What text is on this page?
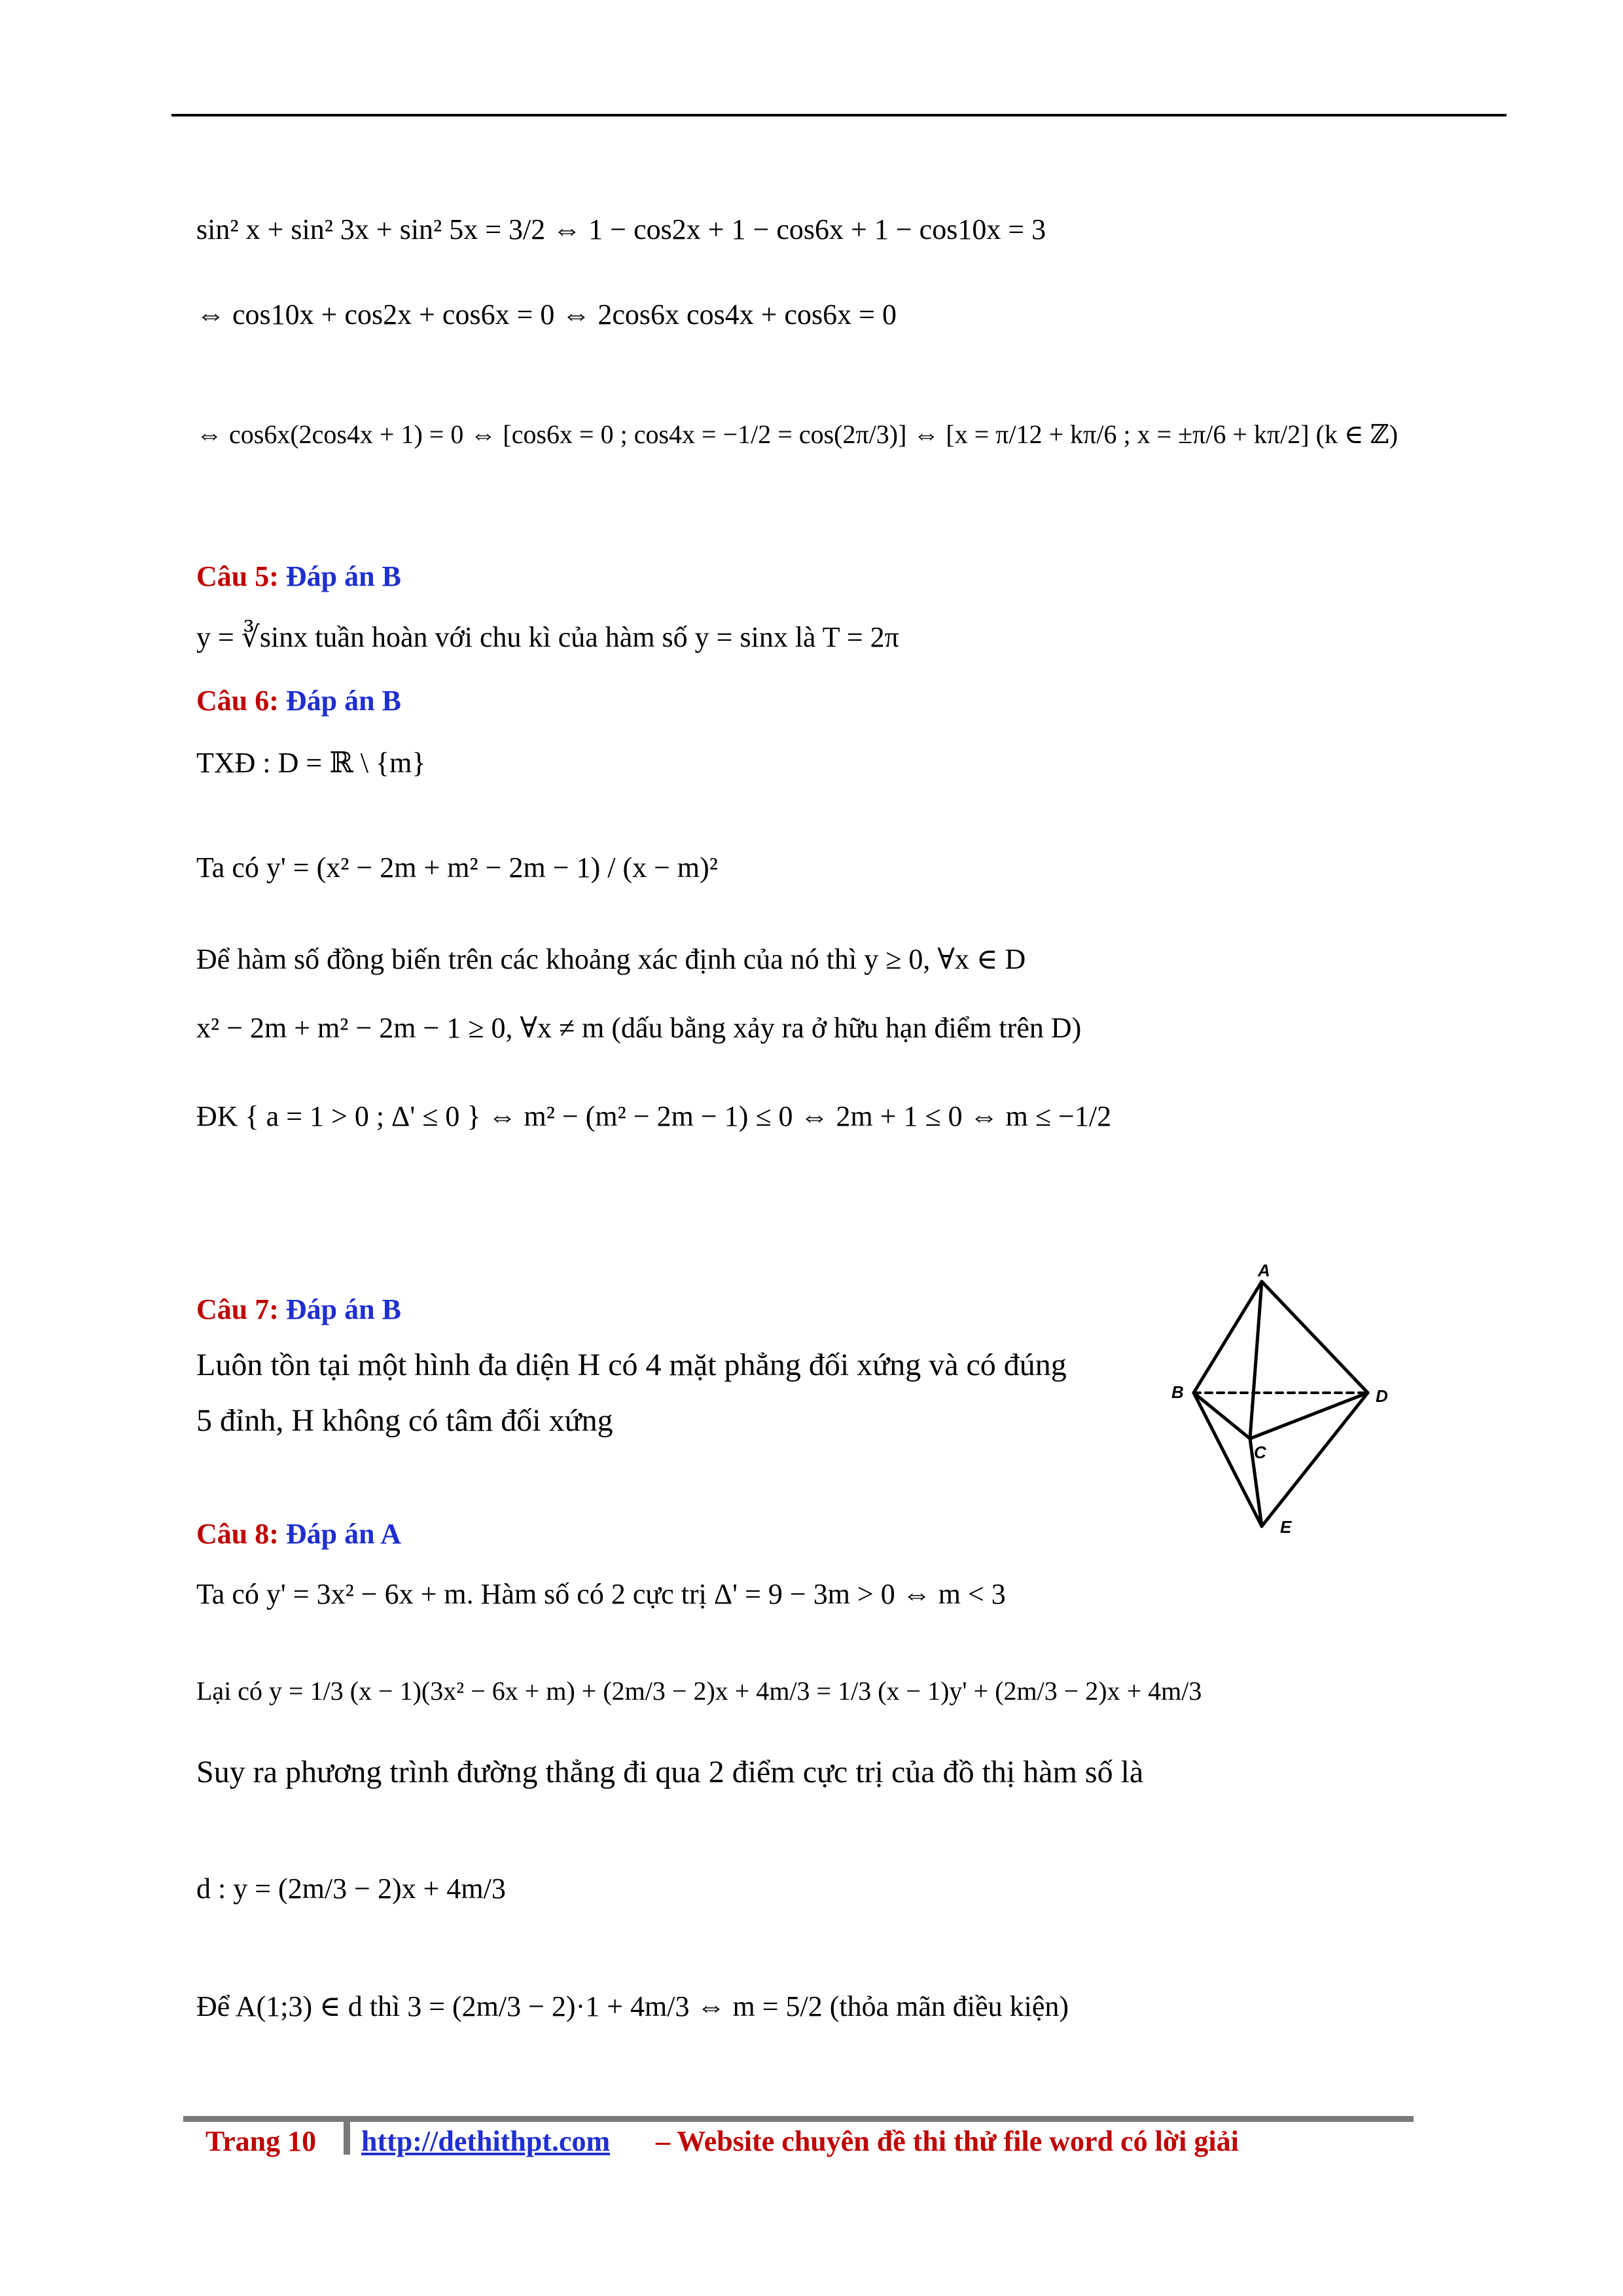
sin² x + sin² 3x + sin² 5x = 3/2 ⇔ 1 − cos2x + 1 − cos6x + 1 − cos10x = 3
⇔ cos10x + cos2x + cos6x = 0 ⇔ 2cos6x cos4x + cos6x = 0
⇔ cos6x(2cos4x + 1) = 0 ⇔ [cos6x = 0 ; cos4x = −1/2 = cos(2π/3)] ⇔ [x = π/12 + kπ/6 ; x = ±π/6 + kπ/2] (k ∈ ℤ)
Câu 5: Đáp án B
y = ∛sinx tuần hoàn với chu kì của hàm số y = sinx là T = 2π
Câu 6: Đáp án B
TXĐ : D = ℝ \ {m}
Ta có y' = (x² − 2m + m² − 2m − 1) / (x − m)²
Để hàm số đồng biến trên các khoảng xác định của nó thì y ≥ 0, ∀x ∈ D
x² − 2m + m² − 2m − 1 ≥ 0, ∀x ≠ m (dấu bằng xảy ra ở hữu hạn điểm trên D)
ĐK { a = 1 > 0 ; Δ' ≤ 0 } ⇔ m² − (m² − 2m − 1) ≤ 0 ⇔ 2m + 1 ≤ 0 ⇔ m ≤ −1/2
Câu 7: Đáp án B
Luôn tồn tại một hình đa diện H có 4 mặt phẳng đối xứng và có đúng
5 đỉnh, H không có tâm đối xứng
A
B
C
D
E
Câu 8: Đáp án A
Ta có y' = 3x² − 6x + m. Hàm số có 2 cực trị Δ' = 9 − 3m > 0 ⇔ m < 3
Lại có y = 1/3 (x − 1)(3x² − 6x + m) + (2m/3 − 2)x + 4m/3 = 1/3 (x − 1)y' + (2m/3 − 2)x + 4m/3
Suy ra phương trình đường thẳng đi qua 2 điểm cực trị của đồ thị hàm số là
d : y = (2m/3 − 2)x + 4m/3
Để A(1;3) ∈ d thì 3 = (2m/3 − 2)·1 + 4m/3 ⇔ m = 5/2 (thỏa mãn điều kiện)
Trang 10 http://dethithpt.com – Website chuyên đề thi thử file word có lời giải
